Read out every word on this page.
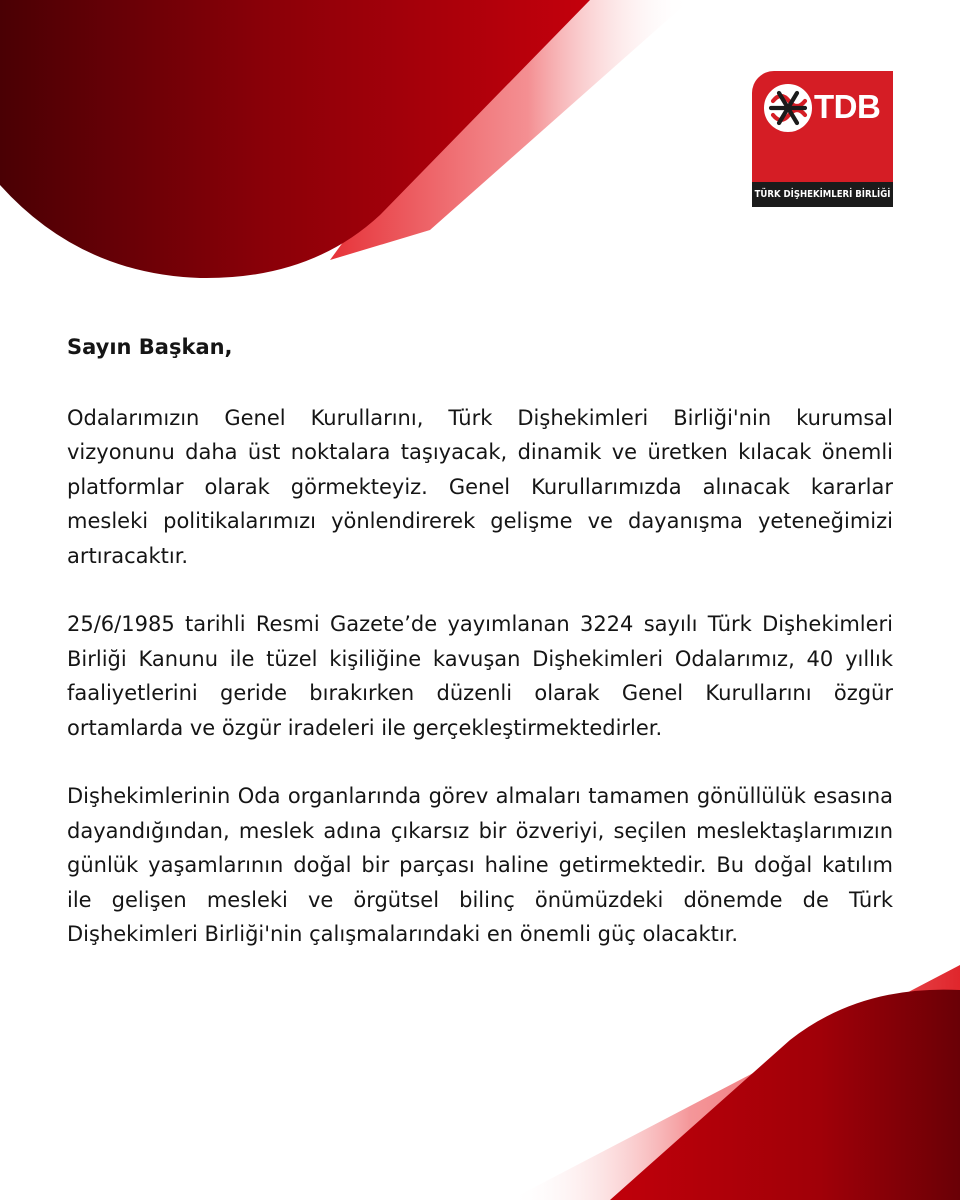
TDB
TÜRK DİŞHEKİMLERİ BİRLİĞİ
Sayın Başkan,

Odalarımızın Genel Kurullarını, Türk Dişhekimleri Birliği'nin kurumsal vizyonunu daha üst noktalara taşıyacak, dinamik ve üretken kılacak önemli platformlar olarak görmekteyiz. Genel Kurullarımızda alınacak kararlar mesleki politikalarımızı yönlendirerek gelişme ve dayanışma yeteneğimizi artıracaktır.

25/6/1985 tarihli Resmi Gazete’de yayımlanan 3224 sayılı Türk Dişhekimleri Birliği Kanunu ile tüzel kişiliğine kavuşan Dişhekimleri Odalarımız, 40 yıllık faaliyetlerini geride bırakırken düzenli olarak Genel Kurullarını özgür ortamlarda ve özgür iradeleri ile gerçekleştirmektedirler.

Dişhekimlerinin Oda organlarında görev almaları tamamen gönüllülük esasına dayandığından, meslek adına çıkarsız bir özveriyi, seçilen meslektaşlarımızın günlük yaşamlarının doğal bir parçası haline getirmektedir. Bu doğal katılım ile gelişen mesleki ve örgütsel bilinç önümüzdeki dönemde de Türk Dişhekimleri Birliği'nin çalışmalarındaki en önemli güç olacaktır.
